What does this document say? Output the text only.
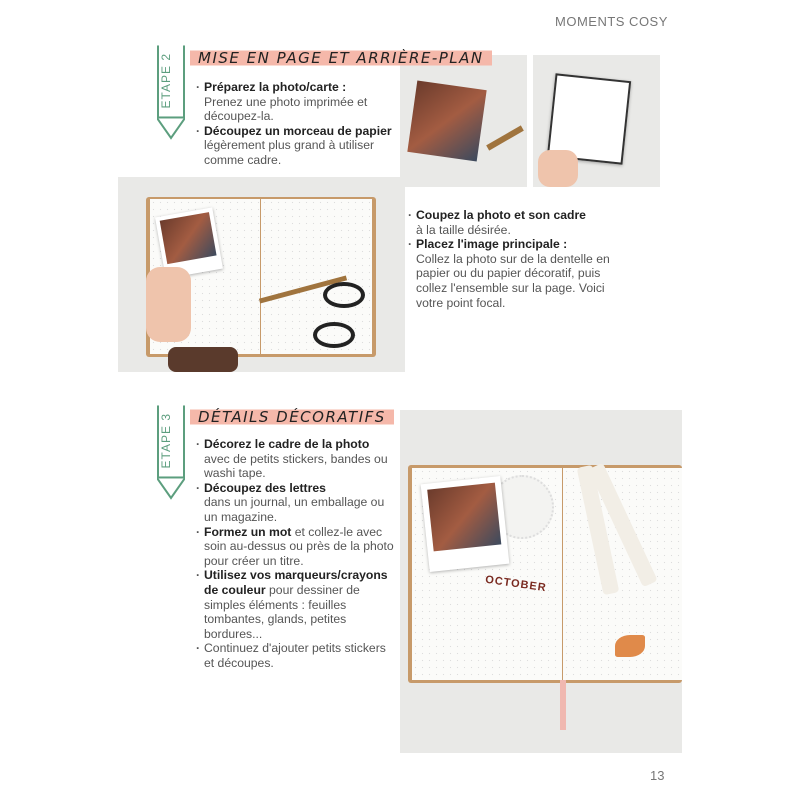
MOMENTS COSY
ETAPE 2	MISE EN PAGE ET ARRIÈRE-PLAN
· Préparez la photo/carte :
Prenez une photo imprimée et découpez-la.
· Découpez un morceau de papier
légèrement plus grand à utiliser comme cadre.
· Coupez la photo et son cadre
à la taille désirée.
· Placez l'image principale :
Collez la photo sur de la dentelle en papier ou du papier décoratif, puis collez l'ensemble sur la page. Voici votre point focal.
ETAPE 3	DÉTAILS DÉCORATIFS
· Décorez le cadre de la photo
avec de petits stickers, bandes ou washi tape.
· Découpez des lettres
dans un journal, un emballage ou un magazine.
· Formez un mot et collez-le avec soin au-dessus ou près de la photo pour créer un titre.
· Utilisez vos marqueurs/crayons de couleur pour dessiner de simples éléments : feuilles tombantes, glands, petites bordures...
· Continuez d'ajouter petits stickers et découpes.
OCTOBER
13
